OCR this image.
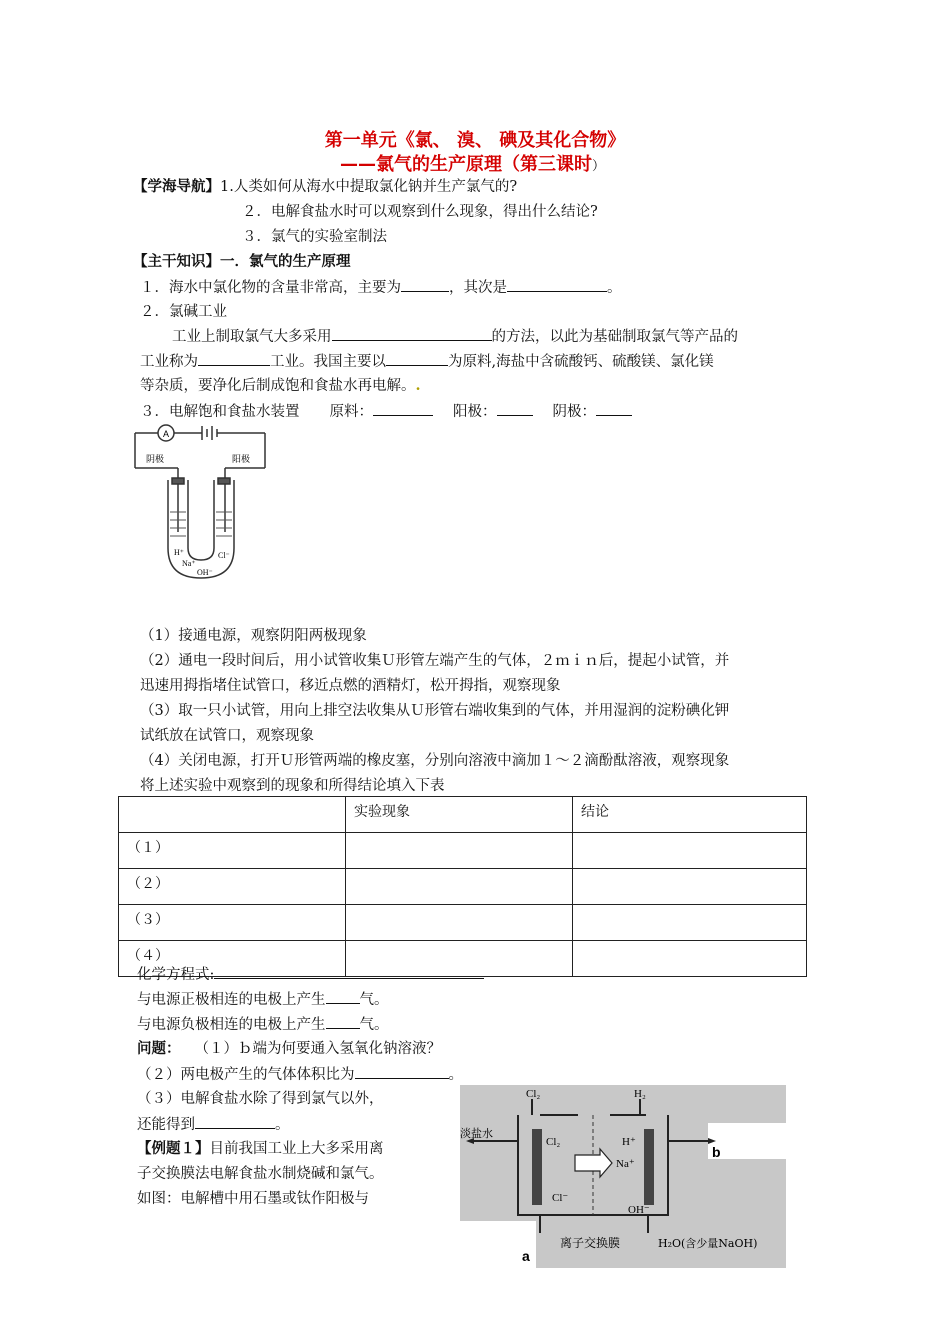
第一单元《氯、 溴、 碘及其化合物》
——氯气的生产原理（第三课时）
【学海导航】1.人类如何从海水中提取氯化钠并生产氯气的?
２．电解食盐水时可以观察到什么现象，得出什么结论?
３．氯气的实验室制法
【主干知识】一．氯气的生产原理
１．海水中氯化物的含量非常高，主要为	，其次是	。
２．氯碱工业
工业上制取氯气大多采用	的方法，以此为基础制取氯气等产品的
工业称为	工业。我国主要以	为原料,海盐中含硫酸钙、硫酸镁、氯化镁
等杂质，要净化后制成饱和食盐水再电解。.
３．电解饱和食盐水装置 原料：	阳极：	阴极：
A
阴极	阳极
H⁺
Na⁺
OH⁻
Cl⁻
（1）接通电源，观察阴阳两极现象
（2）通电一段时间后，用小试管收集Ｕ形管左端产生的气体，２ｍｉｎ后，提起小试管，并
迅速用拇指堵住试管口，移近点燃的酒精灯，松开拇指，观察现象
（3）取一只小试管，用向上排空法收集从Ｕ形管右端收集到的气体，并用湿润的淀粉碘化钾
试纸放在试管口，观察现象
（4）关闭电源，打开Ｕ形管两端的橡皮塞，分别向溶液中滴加１～２滴酚酞溶液，观察现象
将上述实验中观察到的现象和所得结论填入下表
	实验现象	结论
（１）		
（２）		
（３）		
（４）		
化学方程式:
与电源正极相连的电极上产生 气。
与电源负极相连的电极上产生 气。
问题： （１）ｂ端为何要通入氢氧化钠溶液？
（２）两电极产生的气体体积比为	。
（３）电解食盐水除了得到氯气以外，
还能得到	。
【例题１】目前我国工业上大多采用离
子交换膜法电解食盐水制烧碱和氯气。
如图：电解槽中用石墨或钛作阳极与
Cl₂	H₂
淡盐水
Cl₂	H⁺
Na⁺
Cl⁻
OH⁻
离子交换膜	H₂O(含少量NaOH)
b
a
